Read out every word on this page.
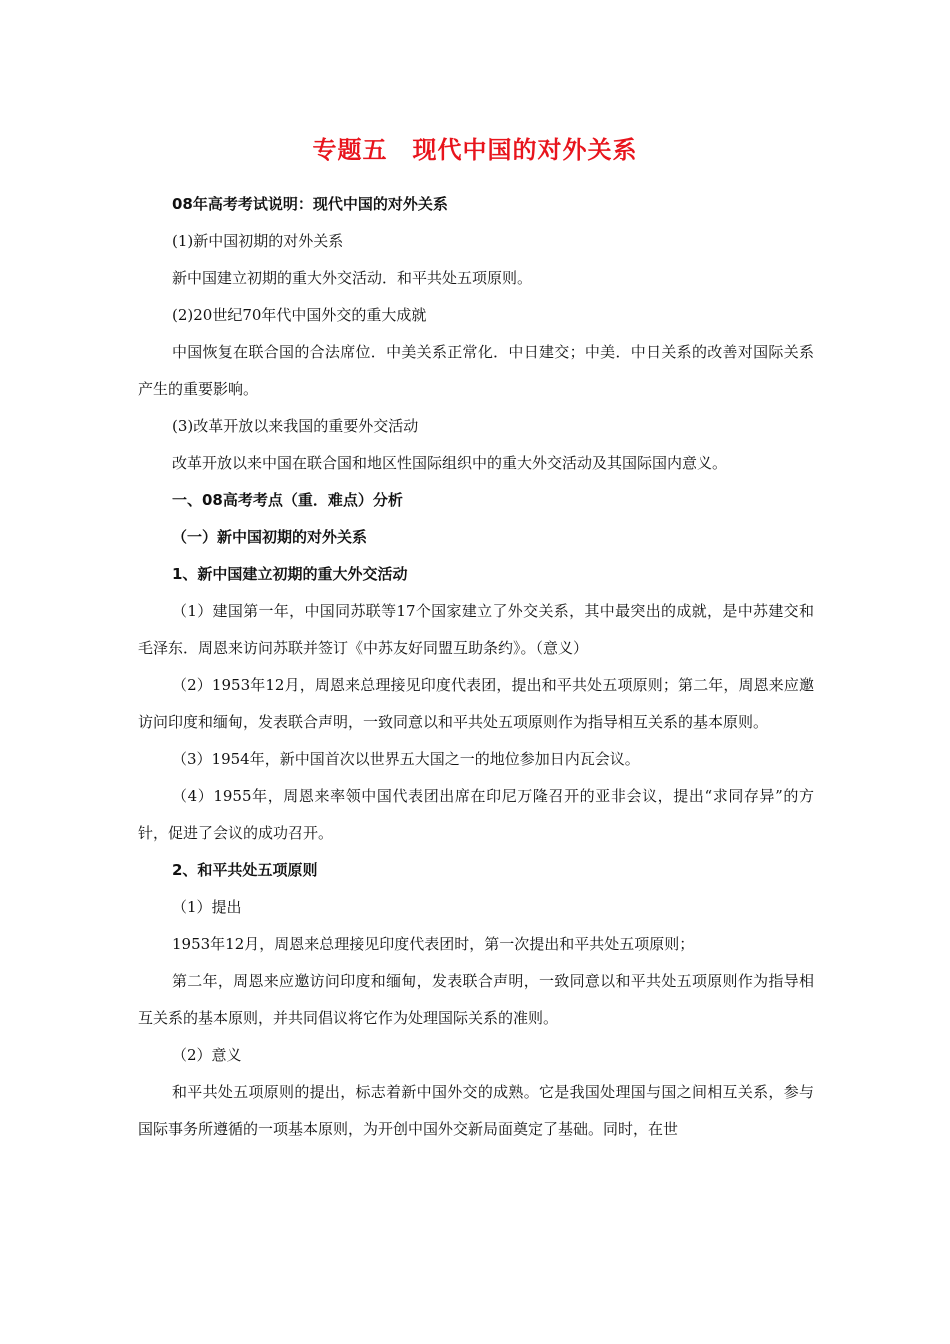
专题五　现代中国的对外关系

08年高考考试说明：现代中国的对外关系

(1)新中国初期的对外关系

新中国建立初期的重大外交活动．和平共处五项原则。

(2)20世纪70年代中国外交的重大成就

中国恢复在联合国的合法席位．中美关系正常化．中日建交；中美．中日关系的改善对国际关系产生的重要影响。

(3)改革开放以来我国的重要外交活动

改革开放以来中国在联合国和地区性国际组织中的重大外交活动及其国际国内意义。

一、08高考考点（重．难点）分析

（一）新中国初期的对外关系

1、新中国建立初期的重大外交活动

（1）建国第一年，中国同苏联等17个国家建立了外交关系，其中最突出的成就，是中苏建交和毛泽东．周恩来访问苏联并签订《中苏友好同盟互助条约》。（意义）

（2）1953年12月，周恩来总理接见印度代表团，提出和平共处五项原则；第二年，周恩来应邀访问印度和缅甸，发表联合声明，一致同意以和平共处五项原则作为指导相互关系的基本原则。

（3）1954年，新中国首次以世界五大国之一的地位参加日内瓦会议。

（4）1955年，周恩来率领中国代表团出席在印尼万隆召开的亚非会议，提出“求同存异”的方针，促进了会议的成功召开。

2、和平共处五项原则

（1）提出

1953年12月，周恩来总理接见印度代表团时，第一次提出和平共处五项原则；

第二年，周恩来应邀访问印度和缅甸，发表联合声明，一致同意以和平共处五项原则作为指导相互关系的基本原则，并共同倡议将它作为处理国际关系的准则。

（2）意义

和平共处五项原则的提出，标志着新中国外交的成熟。它是我国处理国与国之间相互关系，参与国际事务所遵循的一项基本原则，为开创中国外交新局面奠定了基础。同时，在世
